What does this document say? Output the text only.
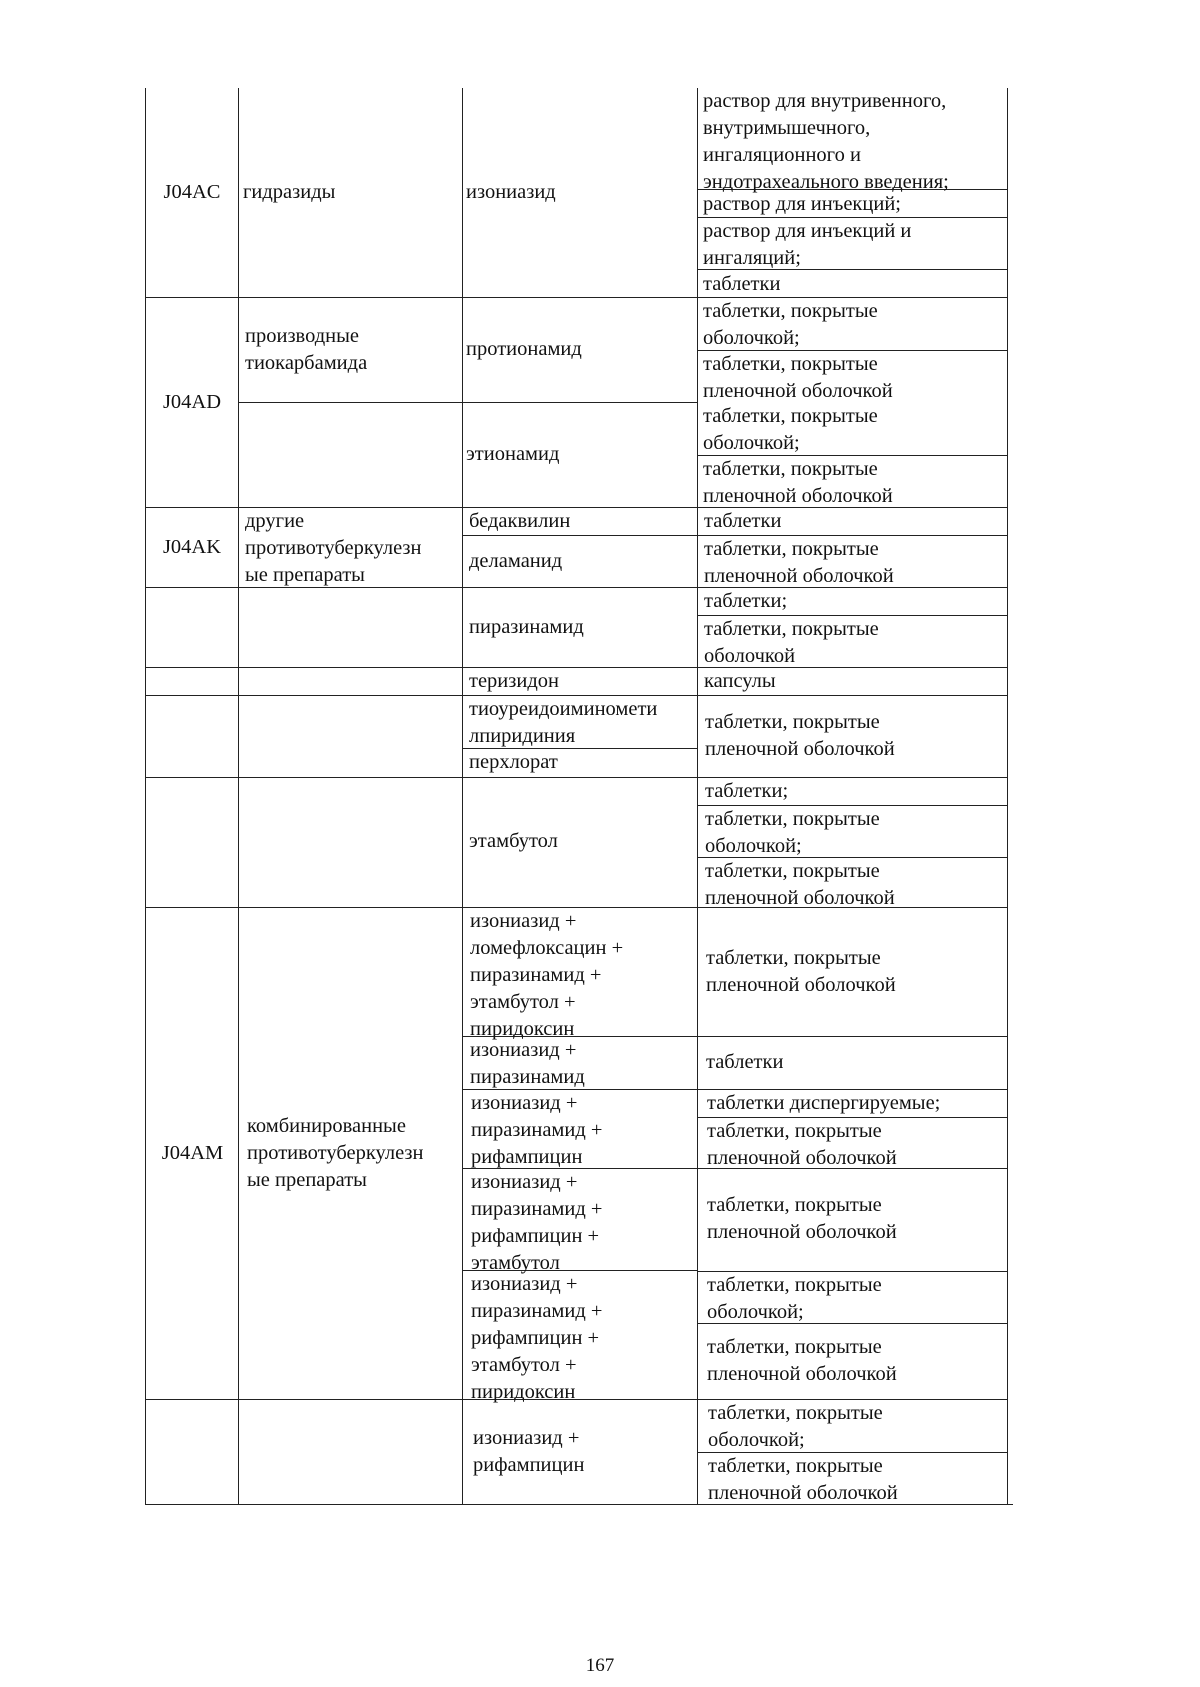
J04AC гидразиды	изониазид
раствор для внутривенного,
внутримышечного,
ингаляционного и
эндотрахеального введения;
раствор для инъекций;
раствор для инъекций и
ингаляций;
таблетки
J04AD
производные
тиокарбамида
протионамид
этионамид
таблетки, покрытые
оболочкой;
таблетки, покрытые
пленочной оболочкой
таблетки, покрытые
оболочкой;
таблетки, покрытые
пленочной оболочкой
J04AK
другие
противотуберкулезн
ые препараты
бедаквилин
деламанид
пиразинамид
теризидон
тиоуреидоиминомети
лпиридиния
перхлорат
этамбутол
таблетки
таблетки, покрытые
пленочной оболочкой
таблетки;
таблетки, покрытые
оболочкой
капсулы
таблетки, покрытые
пленочной оболочкой
таблетки;
таблетки, покрытые
оболочкой;
таблетки, покрытые
пленочной оболочкой
J04AM
комбинированные
противотуберкулезн
ые препараты
изониазид +
ломефлоксацин +
пиразинамид +
этамбутол +
пиридоксин
изониазид +
пиразинамид
изониазид +
пиразинамид +
рифампицин
изониазид +
пиразинамид +
рифампицин +
этамбутол
изониазид +
пиразинамид +
рифампицин +
этамбутол +
пиридоксин
изониазид +
рифампицин
таблетки, покрытые
пленочной оболочкой
таблетки
таблетки диспергируемые;
таблетки, покрытые
пленочной оболочкой
таблетки, покрытые
пленочной оболочкой
таблетки, покрытые
оболочкой;
таблетки, покрытые
пленочной оболочкой
таблетки, покрытые
оболочкой;
таблетки, покрытые
пленочной оболочкой
167
